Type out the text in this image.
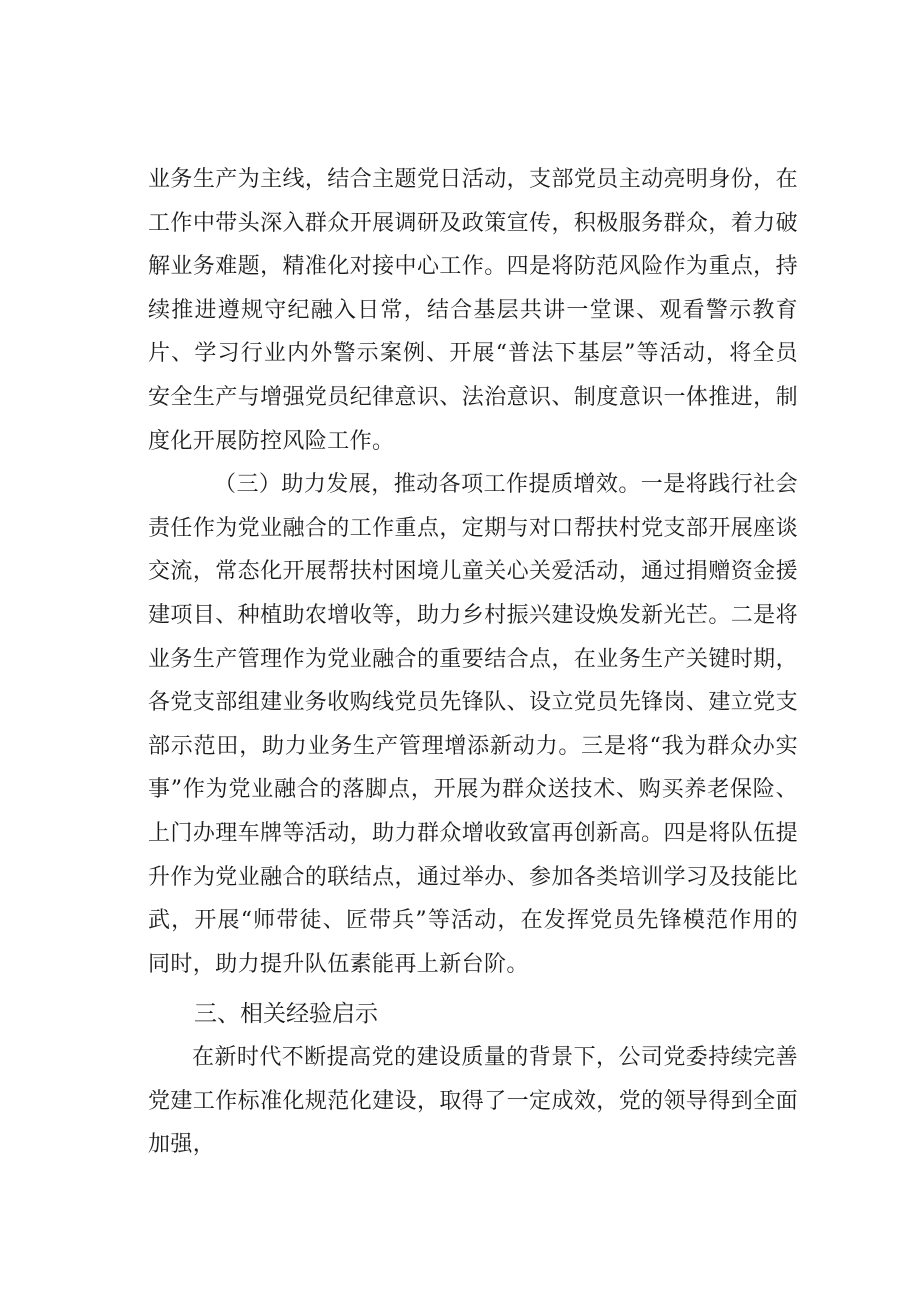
业务生产为主线，结合主题党日活动，支部党员主动亮明身份，在工作中带头深入群众开展调研及政策宣传，积极服务群众，着力破解业务难题，精准化对接中心工作。四是将防范风险作为重点，持续推进遵规守纪融入日常，结合基层共讲一堂课、观看警示教育片、学习行业内外警示案例、开展“普法下基层”等活动，将全员安全生产与增强党员纪律意识、法治意识、制度意识一体推进，制度化开展防控风险工作。

（三）助力发展，推动各项工作提质增效。一是将践行社会责任作为党业融合的工作重点，定期与对口帮扶村党支部开展座谈交流，常态化开展帮扶村困境儿童关心关爱活动，通过捐赠资金援建项目、种植助农增收等，助力乡村振兴建设焕发新光芒。二是将业务生产管理作为党业融合的重要结合点，在业务生产关键时期，各党支部组建业务收购线党员先锋队、设立党员先锋岗、建立党支部示范田，助力业务生产管理增添新动力。三是将“我为群众办实事”作为党业融合的落脚点，开展为群众送技术、购买养老保险、上门办理车牌等活动，助力群众增收致富再创新高。四是将队伍提升作为党业融合的联结点，通过举办、参加各类培训学习及技能比武，开展“师带徒、匠带兵”等活动，在发挥党员先锋模范作用的同时，助力提升队伍素能再上新台阶。

三、相关经验启示

在新时代不断提高党的建设质量的背景下，公司党委持续完善党建工作标准化规范化建设，取得了一定成效，党的领导得到全面加强，
